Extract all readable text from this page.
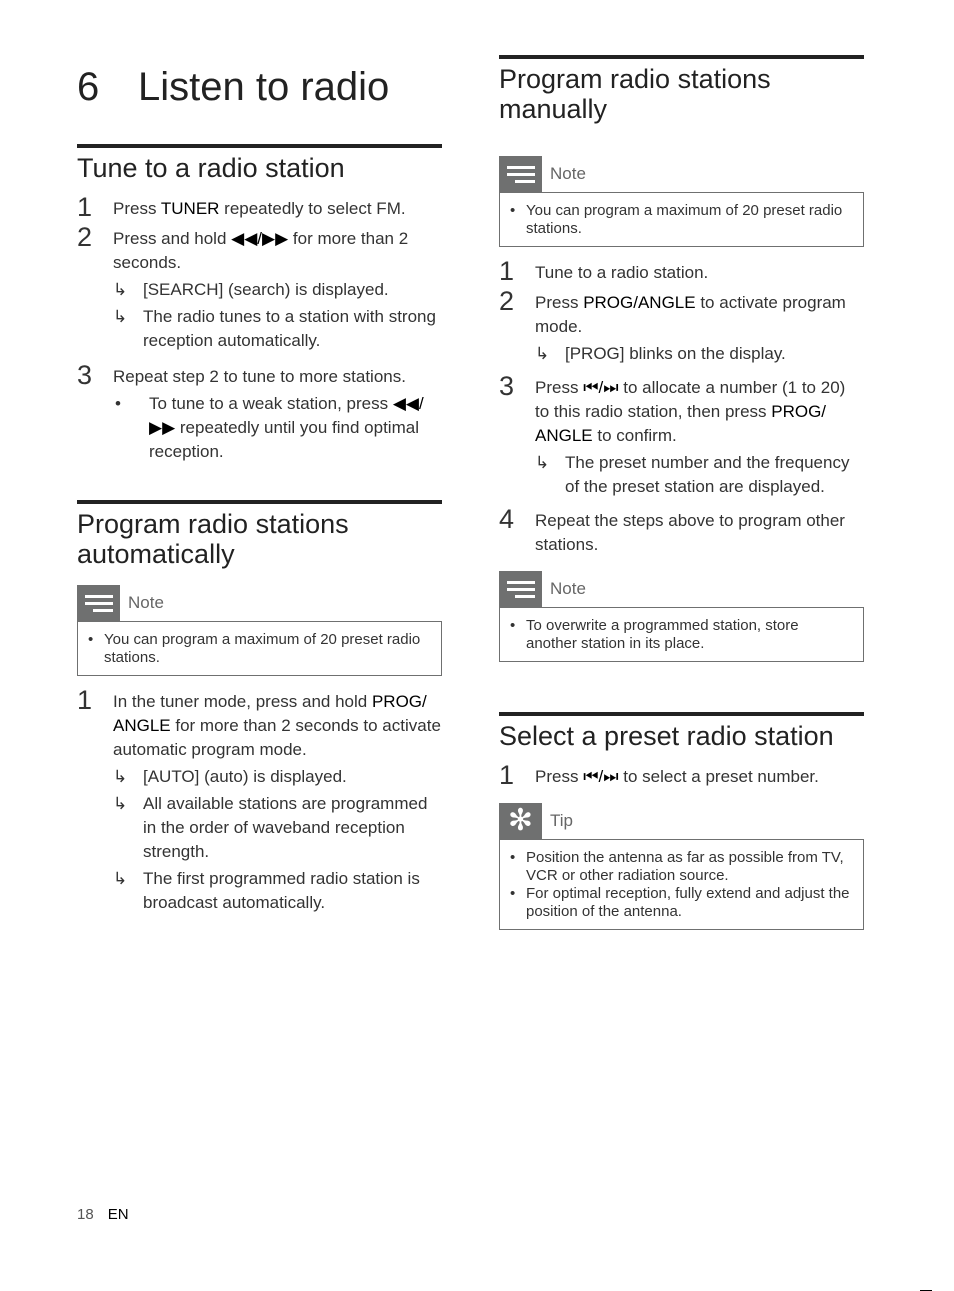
6 Listen to radio
Tune to a radio station
1 Press TUNER repeatedly to select FM.
2 Press and hold ◀◀/▶▶ for more than 2 seconds.
↳ [SEARCH] (search) is displayed.
↳ The radio tunes to a station with strong reception automatically.
3 Repeat step 2 to tune to more stations.
• To tune to a weak station, press ◀◀/▶▶ repeatedly until you find optimal reception.
Program radio stations automatically
Note
• You can program a maximum of 20 preset radio stations.
1 In the tuner mode, press and hold PROG/ ANGLE for more than 2 seconds to activate automatic program mode.
↳ [AUTO] (auto) is displayed.
↳ All available stations are programmed in the order of waveband reception strength.
↳ The first programmed radio station is broadcast automatically.
Program radio stations manually
Note
• You can program a maximum of 20 preset radio stations.
1 Tune to a radio station.
2 Press PROG/ANGLE to activate program mode.
↳ [PROG] blinks on the display.
3 Press ⏮/⏭ to allocate a number (1 to 20) to this radio station, then press PROG/ ANGLE to confirm.
↳ The preset number and the frequency of the preset station are displayed.
4 Repeat the steps above to program other stations.
Note
• To overwrite a programmed station, store another station in its place.
Select a preset radio station
1 Press ⏮/⏭ to select a preset number.
✻ Tip
• Position the antenna as far as possible from TV, VCR or other radiation source.
• For optimal reception, fully extend and adjust the position of the antenna.
18 EN
